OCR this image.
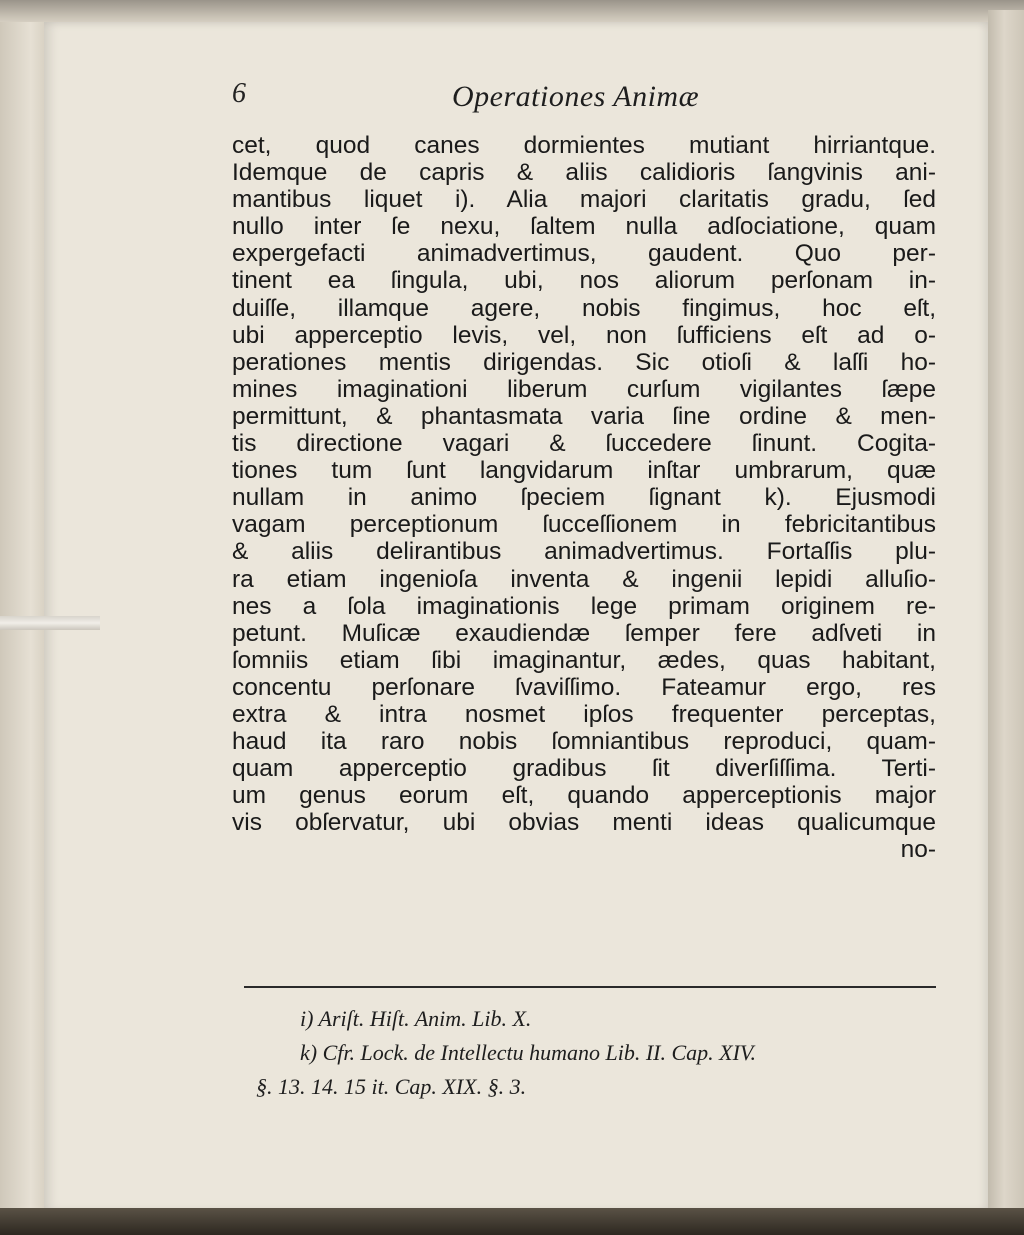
6	Operationes Animæ
cet, quod canes dormientes mutiant hirriantque.
Idemque de capris & aliis calidioris ſangvinis ani-
mantibus liquet i). Alia majori claritatis gradu, ſed
nullo inter ſe nexu, ſaltem nulla adſociatione, quam
expergefacti animadvertimus, gaudent. Quo per-
tinent ea ſingula, ubi, nos aliorum perſonam in-
duiſſe, illamque agere, nobis fingimus, hoc eſt,
ubi apperceptio levis, vel, non ſufficiens eſt ad o-
perationes mentis dirigendas. Sic otioſi & laſſi ho-
mines imaginationi liberum curſum vigilantes ſæpe
permittunt, & phantasmata varia ſine ordine & men-
tis directione vagari & ſuccedere ſinunt. Cogita-
tiones tum ſunt langvidarum inſtar umbrarum, quæ
nullam in animo ſpeciem ſignant k). Ejusmodi
vagam perceptionum ſucceſſionem in febricitantibus
& aliis delirantibus animadvertimus. Fortaſſis plu-
ra etiam ingenioſa inventa & ingenii lepidi alluſio-
nes a ſola imaginationis lege primam originem re-
petunt. Muſicæ exaudiendæ ſemper fere adſveti in
ſomniis etiam ſibi imaginantur, ædes, quas habitant,
concentu perſonare ſvaviſſimo. Fateamur ergo, res
extra & intra nosmet ipſos frequenter perceptas,
haud ita raro nobis ſomniantibus reproduci, quam-
quam apperceptio gradibus ſit diverſiſſima. Terti-
um genus eorum eſt, quando apperceptionis major
vis obſervatur, ubi obvias menti ideas qualicumque
no-
i) Ariſt. Hiſt. Anim. Lib. X.
k) Cfr. Lock. de Intellectu humano Lib. II. Cap. XIV.
§. 13. 14. 15 it. Cap. XIX. §. 3.
